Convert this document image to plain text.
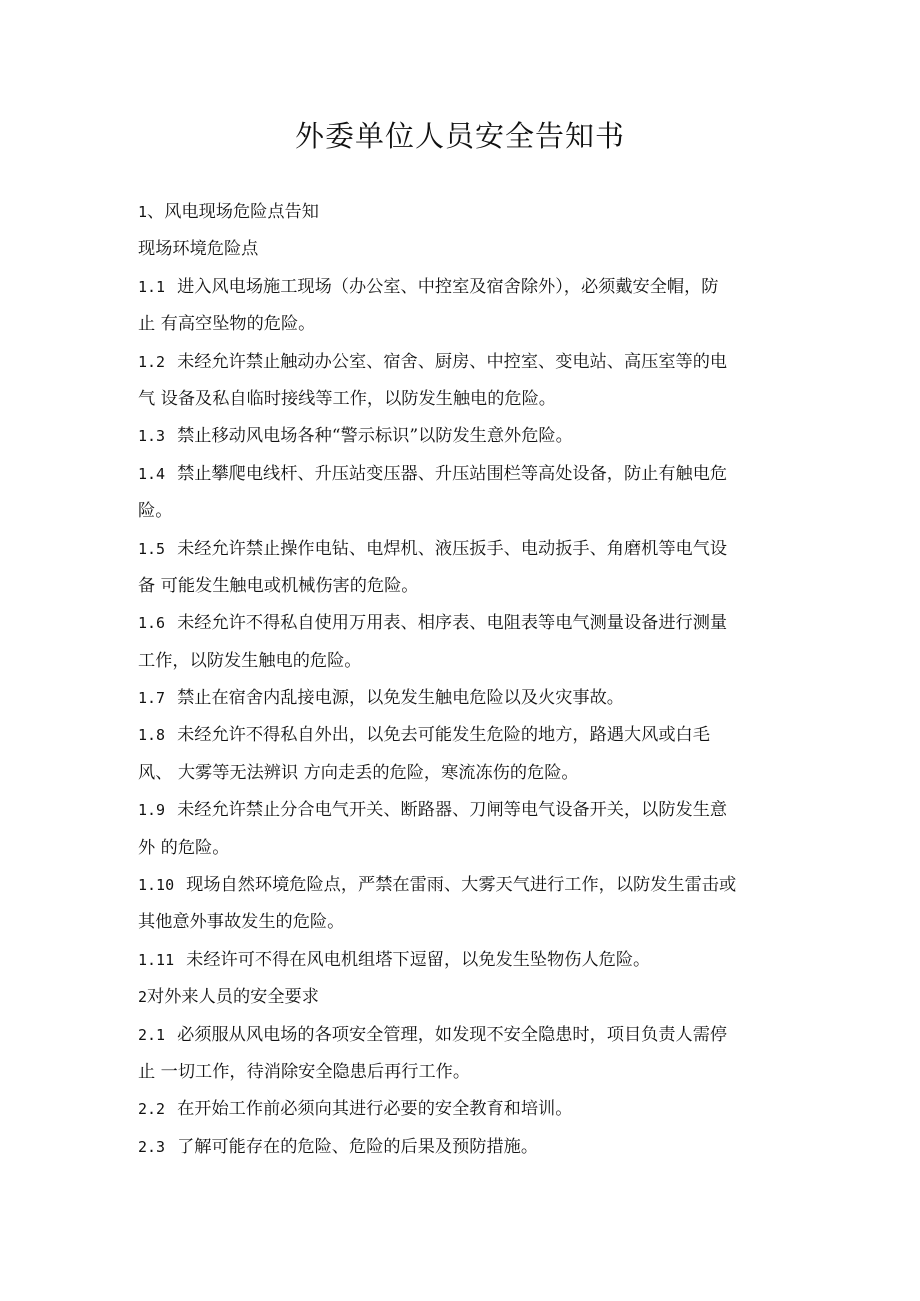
外委单位人员安全告知书
1、风电现场危险点告知
现场环境危险点
1.1 进入风电场施工现场（办公室、中控室及宿舍除外），必须戴安全帽，防
止 有高空坠物的危险。
1.2 未经允许禁止触动办公室、宿舍、厨房、中控室、变电站、高压室等的电
气 设备及私自临时接线等工作，以防发生触电的危险。
1.3 禁止移动风电场各种“警示标识”以防发生意外危险。
1.4 禁止攀爬电线杆、升压站变压器、升压站围栏等高处设备，防止有触电危
险。
1.5 未经允许禁止操作电钻、电焊机、液压扳手、电动扳手、角磨机等电气设
备 可能发生触电或机械伤害的危险。
1.6 未经允许不得私自使用万用表、相序表、电阻表等电气测量设备进行测量
工作，以防发生触电的危险。
1.7 禁止在宿舍内乱接电源，以免发生触电危险以及火灾事故。
1.8 未经允许不得私自外出，以免去可能发生危险的地方，路遇大风或白毛
风、 大雾等无法辨识 方向走丢的危险，寒流冻伤的危险。
1.9 未经允许禁止分合电气开关、断路器、刀闸等电气设备开关，以防发生意
外 的危险。
1.10 现场自然环境危险点，严禁在雷雨、大雾天气进行工作，以防发生雷击或
其他意外事故发生的危险。
1.11 未经许可不得在风电机组塔下逗留，以免发生坠物伤人危险。
2对外来人员的安全要求
2.1 必须服从风电场的各项安全管理，如发现不安全隐患时，项目负责人需停
止 一切工作，待消除安全隐患后再行工作。
2.2 在开始工作前必须向其进行必要的安全教育和培训。
2.3 了解可能存在的危险、危险的后果及预防措施。
